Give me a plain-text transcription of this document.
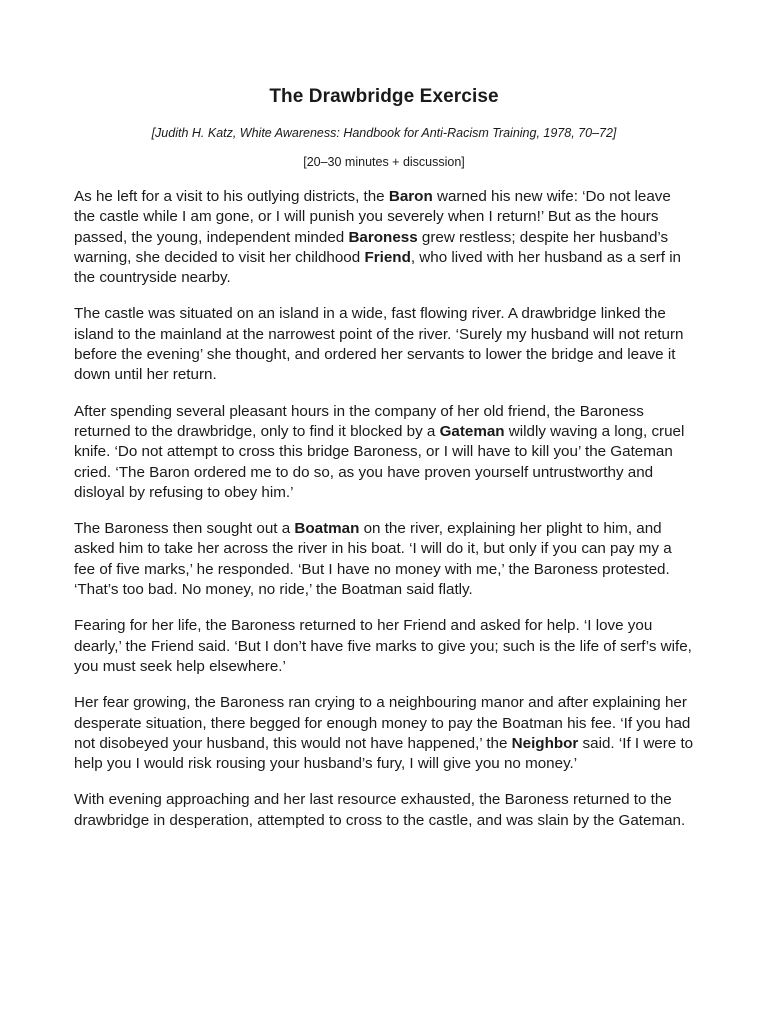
The Drawbridge Exercise
[Judith H. Katz, White Awareness: Handbook for Anti-Racism Training, 1978, 70–72]
[20–30 minutes + discussion]

As he left for a visit to his outlying districts, the Baron warned his new wife: ‘Do not leave the castle while I am gone, or I will punish you severely when I return!’ But as the hours passed, the young, independent minded Baroness grew restless; despite her husband’s warning, she decided to visit her childhood Friend, who lived with her husband as a serf in the countryside nearby.

The castle was situated on an island in a wide, fast flowing river. A drawbridge linked the island to the mainland at the narrowest point of the river. ‘Surely my husband will not return before the evening’ she thought, and ordered her servants to lower the bridge and leave it down until her return.

After spending several pleasant hours in the company of her old friend, the Baroness returned to the drawbridge, only to find it blocked by a Gateman wildly waving a long, cruel knife. ‘Do not attempt to cross this bridge Baroness, or I will have to kill you’ the Gateman cried. ‘The Baron ordered me to do so, as you have proven yourself untrustworthy and disloyal by refusing to obey him.’

The Baroness then sought out a Boatman on the river, explaining her plight to him, and asked him to take her across the river in his boat. ‘I will do it, but only if you can pay my a fee of five marks,’ he responded. ‘But I have no money with me,’ the Baroness protested. ‘That’s too bad. No money, no ride,’ the Boatman said flatly.

Fearing for her life, the Baroness returned to her Friend and asked for help. ‘I love you dearly,’ the Friend said. ‘But I don’t have five marks to give you; such is the life of serf’s wife, you must seek help elsewhere.’

Her fear growing, the Baroness ran crying to a neighbouring manor and after explaining her desperate situation, there begged for enough money to pay the Boatman his fee. ‘If you had not disobeyed your husband, this would not have happened,’ the Neighbor said. ‘If I were to help you I would risk rousing your husband’s fury, I will give you no money.’

With evening approaching and her last resource exhausted, the Baroness returned to the drawbridge in desperation, attempted to cross to the castle, and was slain by the Gateman.
